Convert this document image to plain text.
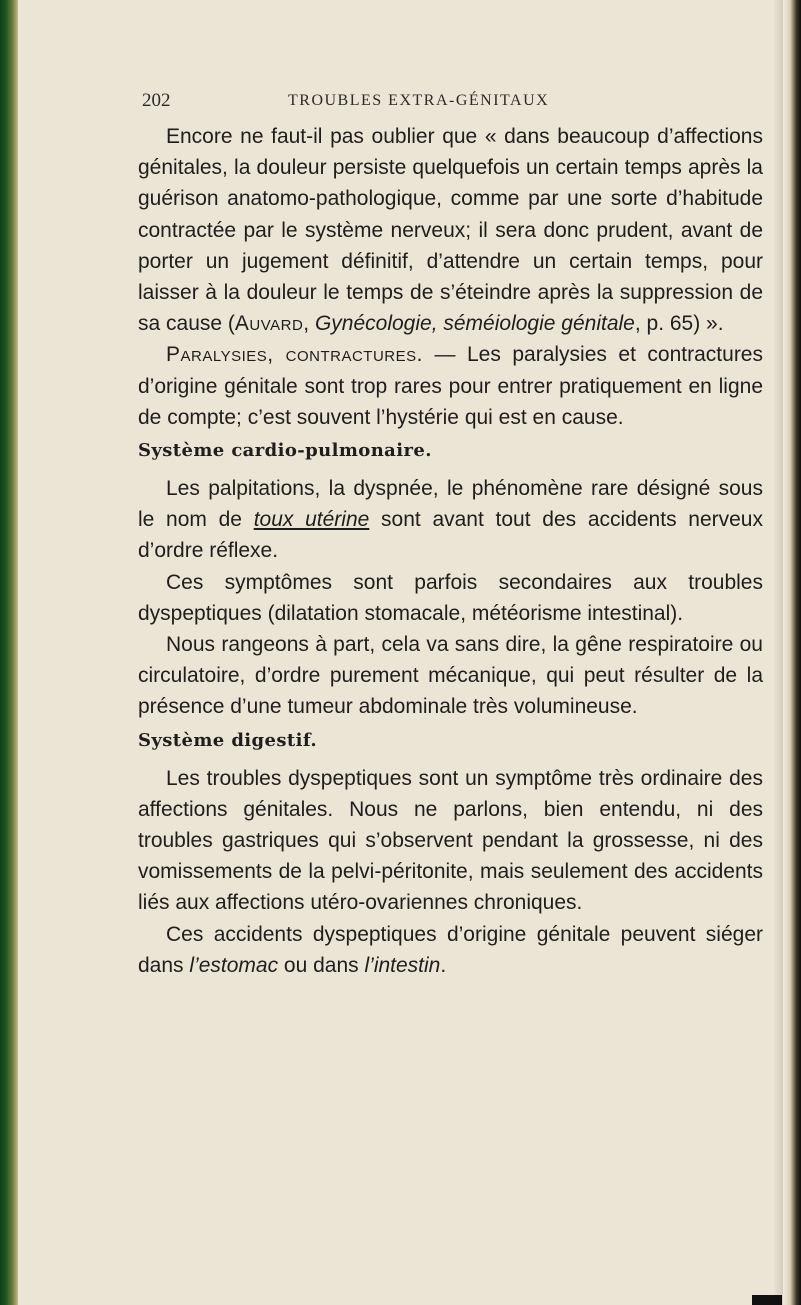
202	TROUBLES EXTRA-GÉNITAUX

Encore ne faut-il pas oublier que « dans beaucoup d’affections génitales, la douleur persiste quelquefois un certain temps après la guérison anatomo-pathologique, comme par une sorte d’habitude contractée par le système nerveux; il sera donc prudent, avant de porter un jugement définitif, d’attendre un certain temps, pour laisser à la douleur le temps de s’éteindre après la suppression de sa cause (Auvard, Gynécologie, séméiologie génitale, p. 65) ».

Paralysies, contractures. — Les paralysies et contractures d’origine génitale sont trop rares pour entrer pratiquement en ligne de compte; c’est souvent l’hystérie qui est en cause.

Système cardio-pulmonaire.

Les palpitations, la dyspnée, le phénomène rare désigné sous le nom de toux utérine sont avant tout des accidents nerveux d’ordre réflexe.

Ces symptômes sont parfois secondaires aux troubles dyspeptiques (dilatation stomacale, météorisme intestinal).

Nous rangeons à part, cela va sans dire, la gêne respiratoire ou circulatoire, d’ordre purement mécanique, qui peut résulter de la présence d’une tumeur abdominale très volumineuse.

Système digestif.

Les troubles dyspeptiques sont un symptôme très ordinaire des affections génitales. Nous ne parlons, bien entendu, ni des troubles gastriques qui s’observent pendant la grossesse, ni des vomissements de la pelvi-péritonite, mais seulement des accidents liés aux affections utéro-ovariennes chroniques.

Ces accidents dyspeptiques d’origine génitale peuvent siéger dans l’estomac ou dans l’intestin.
